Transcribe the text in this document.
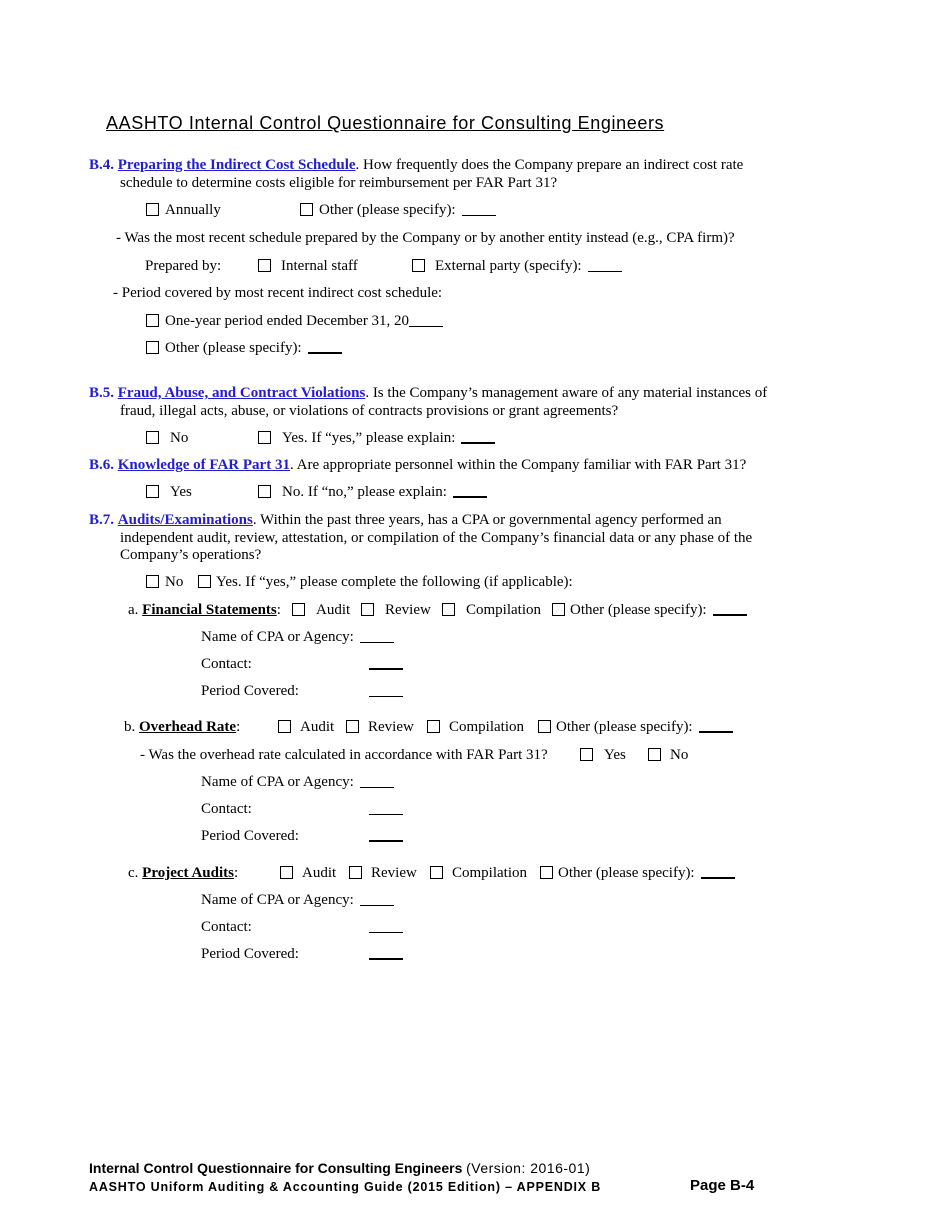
AASHTO Internal Control Questionnaire for Consulting Engineers
B.4. Preparing the Indirect Cost Schedule. How frequently does the Company prepare an indirect cost rate
schedule to determine costs eligible for reimbursement per FAR Part 31?
Annually	Other (please specify):
- Was the most recent schedule prepared by the Company or by another entity instead (e.g., CPA firm)?
Prepared by:	Internal staff	External party (specify):
- Period covered by most recent indirect cost schedule:
One-year period ended December 31, 20
Other (please specify):
B.5. Fraud, Abuse, and Contract Violations. Is the Company’s management aware of any material instances of
fraud, illegal acts, abuse, or violations of contracts provisions or grant agreements?
No	Yes. If “yes,” please explain:
B.6. Knowledge of FAR Part 31. Are appropriate personnel within the Company familiar with FAR Part 31?
Yes	No. If “no,” please explain:
B.7. Audits/Examinations. Within the past three years, has a CPA or governmental agency performed an
independent audit, review, attestation, or compilation of the Company’s financial data or any phase of the
Company’s operations?
No	Yes. If “yes,” please complete the following (if applicable):
a. Financial Statements:	Audit	Review	Compilation	Other (please specify):
Name of CPA or Agency:
Contact:
Period Covered:
b. Overhead Rate:	Audit	Review	Compilation	Other (please specify):
- Was the overhead rate calculated in accordance with FAR Part 31?	Yes	No
Name of CPA or Agency:
Contact:
Period Covered:
c. Project Audits:	Audit	Review	Compilation	Other (please specify):
Name of CPA or Agency:
Contact:
Period Covered:
Internal Control Questionnaire for Consulting Engineers (Version: 2016-01)
AASHTO Uniform Auditing & Accounting Guide (2015 Edition) – APPENDIX B	Page B-4
